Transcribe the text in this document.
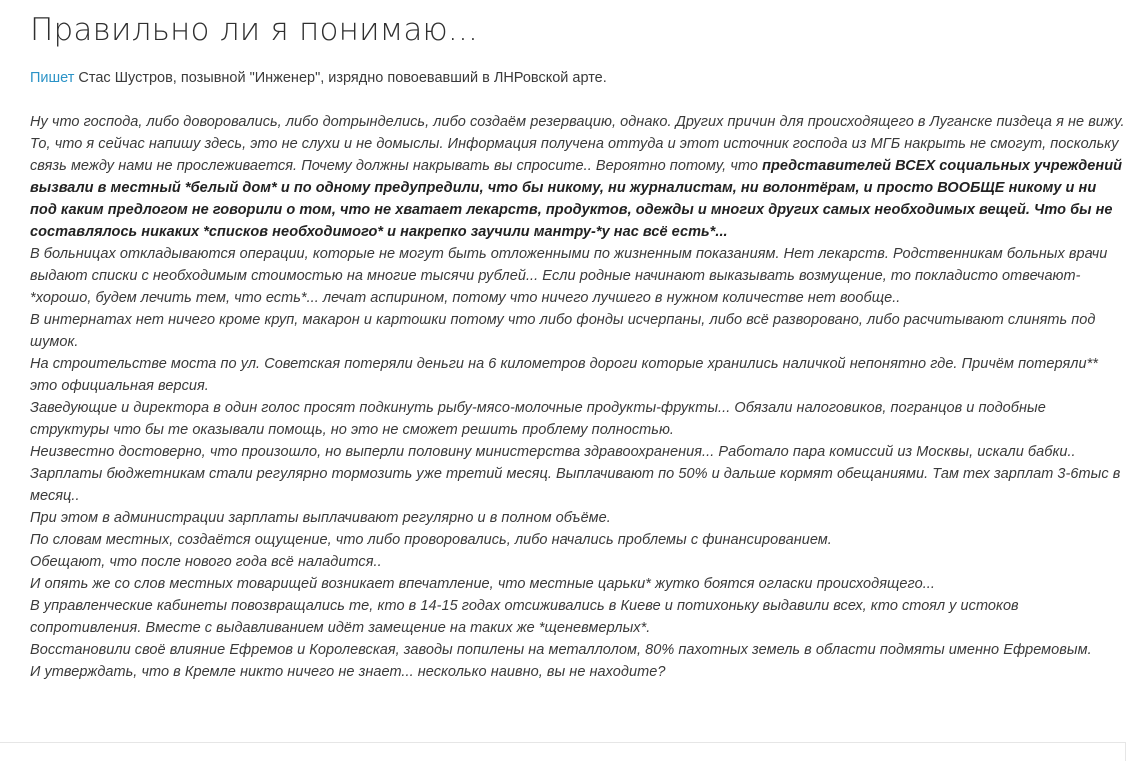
Правильно ли я понимаю...
Пишет Стас Шустров, позывной "Инженер", изрядно повоевавший в ЛНРовской арте.

Ну что господа, либо доворовались, либо дотрындeлись, либо создаём резервацию, однако. Других причин для происходящего в Луганске пиздеца я не вижу.

То, что я сейчас напишу здесь, это не слухи и не домыслы. Информация получена оттуда и этот источник господа из МГБ накрыть не смогут, поскольку связь между нами не прослеживается. Почему должны накрывать вы спросите.. Вероятно потому, что представителей ВСЕХ социальных учреждений вызвали в местный *белый дом* и по одному предупредили, что бы никому, ни журналистам, ни волонтёрам, и просто ВООБЩЕ никому и ни под каким предлогом не говорили о том, что не хватает лекарств, продуктов, одежды и многих других самых необходимых вещей. Что бы не составлялось никаких *списков необходимого* и накрепко заучили мантру-*у нас всё есть*...

В больницах откладываются операции, которые не могут быть отложенными по жизненным показаниям. Нет лекарств. Родственникам больных врачи выдают списки с необходимым стоимостью на многие тысячи рублей... Если родные начинают выказывать возмущение, то покладисто отвечают-*хорошо, будем лечить тем, что есть*... лечат аспирином, потому что ничего лучшего в нужном количестве нет вообще..

В интернатах нет ничего кроме круп, макарон и картошки потому что либо фонды исчерпаны, либо всё разворовано, либо расчитывают слинять под шумок.

На строительстве моста по ул. Советская потеряли деньги на 6 километров дороги которые хранились наличкой непонятно где. Причём потеряли** это официальная версия.

Заведующие и директора в один голос просят подкинуть рыбу-мясо-молочные продукты-фрукты... Обязали налоговиков, погранцов и подобные структуры что бы те оказывали помощь, но это не сможет решить проблему полностью.

Неизвестно достоверно, что произошло, но выперли половину министерства здравоохранения... Работало пара комиссий из Москвы, искали бабки..

Зарплаты бюджетникам стали регулярно тормозить уже третий месяц. Выплачивают по 50% и дальше кормят обещаниями. Там тех зарплат 3-6тыс в месяц..

При этом в администрации зарплаты выплачивают регулярно и в полном объёме.

По словам местных, создаётся ощущение, что либо проворовались, либо начались проблемы с финансированием.

Обещают, что после нового года всё наладится..

И опять же со слов местных товарищей возникает впечатление, что местные царьки* жутко боятся огласки происходящего...

В управленческие кабинеты повозвращались те, кто в 14-15 годах отсиживались в Киеве и потихоньку выдавили всех, кто стоял у истоков сопротивления. Вместе с выдавливанием идёт замещение на таких же *щеневмерлых*.

Восстановили своё влияние Ефремов и Королевская, заводы попилены на металлолом, 80% пахотных земель в области подмяты именно Ефремовым.

И утверждать, что в Кремле никто ничего не знает... несколько наивно, вы не находите?
